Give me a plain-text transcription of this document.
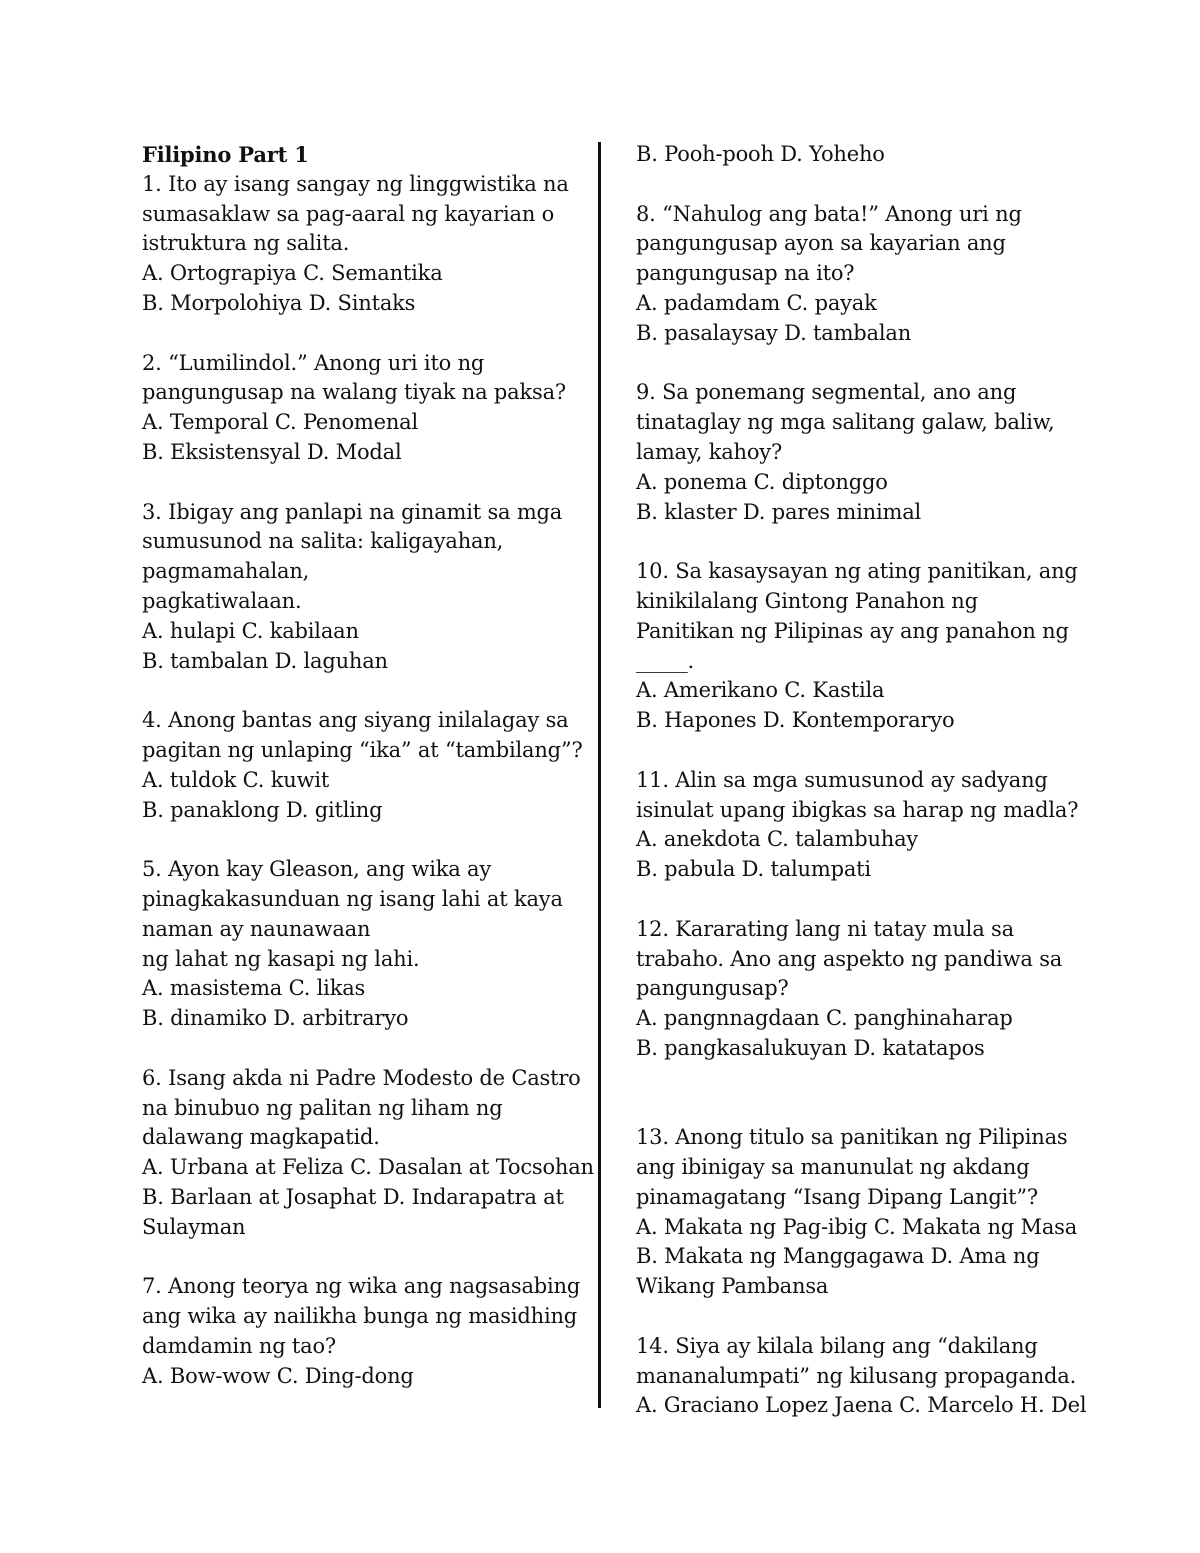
Filipino Part 1
1. Ito ay isang sangay ng linggwistika na
sumasaklaw sa pag-aaral ng kayarian o
istruktura ng salita.
A. Ortograpiya C. Semantika
B. Morpolohiya D. Sintaks
2. “Lumilindol.” Anong uri ito ng
pangungusap na walang tiyak na paksa?
A. Temporal C. Penomenal
B. Eksistensyal D. Modal
3. Ibigay ang panlapi na ginamit sa mga
sumusunod na salita: kaligayahan,
pagmamahalan,
pagkatiwalaan.
A. hulapi C. kabilaan
B. tambalan D. laguhan
4. Anong bantas ang siyang inilalagay sa
pagitan ng unlaping “ika” at “tambilang”?
A. tuldok C. kuwit
B. panaklong D. gitling
5. Ayon kay Gleason, ang wika ay
pinagkakasunduan ng isang lahi at kaya
naman ay naunawaan
ng lahat ng kasapi ng lahi.
A. masistema C. likas
B. dinamiko D. arbitraryo
6. Isang akda ni Padre Modesto de Castro
na binubuo ng palitan ng liham ng
dalawang magkapatid.
A. Urbana at Feliza C. Dasalan at Tocsohan
B. Barlaan at Josaphat D. Indarapatra at
Sulayman
7. Anong teorya ng wika ang nagsasabing
ang wika ay nailikha bunga ng masidhing
damdamin ng tao?
A. Bow-wow C. Ding-dong
B. Pooh-pooh D. Yoheho
8. “Nahulog ang bata!” Anong uri ng
pangungusap ayon sa kayarian ang
pangungusap na ito?
A. padamdam C. payak
B. pasalaysay D. tambalan
9. Sa ponemang segmental, ano ang
tinataglay ng mga salitang galaw, baliw,
lamay, kahoy?
A. ponema C. diptonggo
B. klaster D. pares minimal
10. Sa kasaysayan ng ating panitikan, ang
kinikilalang Gintong Panahon ng
Panitikan ng Pilipinas ay ang panahon ng
_____.
A. Amerikano C. Kastila
B. Hapones D. Kontemporaryo
11. Alin sa mga sumusunod ay sadyang
isinulat upang ibigkas sa harap ng madla?
A. anekdota C. talambuhay
B. pabula D. talumpati
12. Kararating lang ni tatay mula sa
trabaho. Ano ang aspekto ng pandiwa sa
pangungusap?
A. pangnnagdaan C. panghinaharap
B. pangkasalukuyan D. katatapos
13. Anong titulo sa panitikan ng Pilipinas
ang ibinigay sa manunulat ng akdang
pinamagatang “Isang Dipang Langit”?
A. Makata ng Pag-ibig C. Makata ng Masa
B. Makata ng Manggagawa D. Ama ng
Wikang Pambansa
14. Siya ay kilala bilang ang “dakilang
mananalumpati” ng kilusang propaganda.
A. Graciano Lopez Jaena C. Marcelo H. Del
